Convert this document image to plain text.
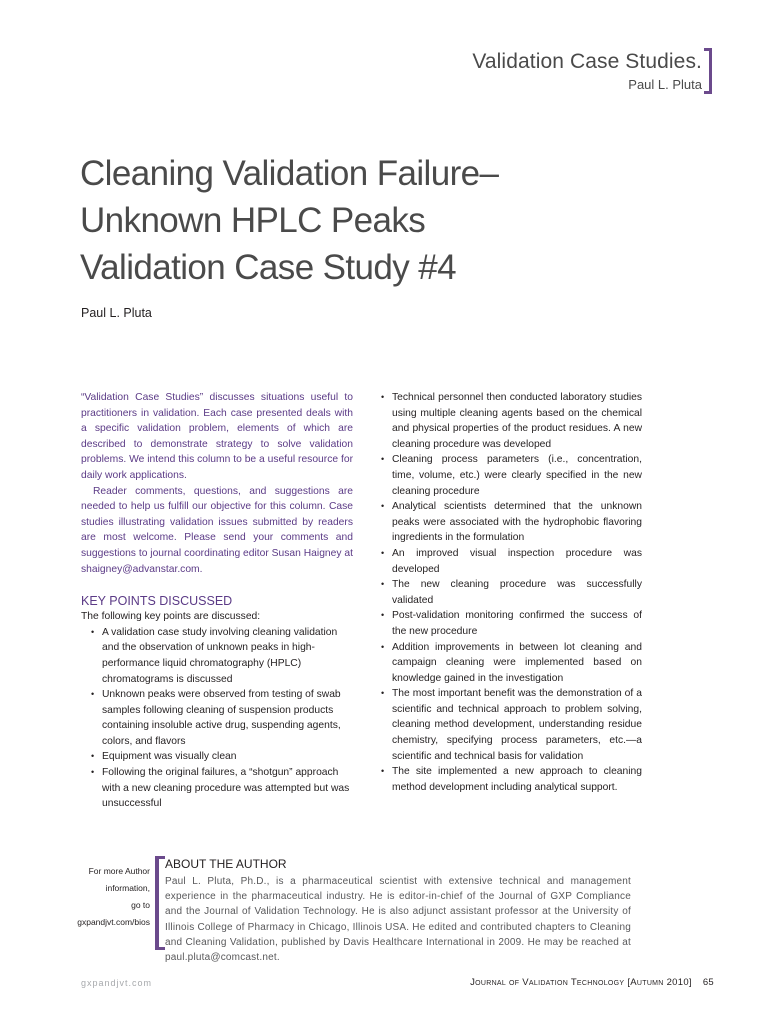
Validation Case Studies.
Paul L. Pluta
Cleaning Validation Failure–
Unknown HPLC Peaks
Validation Case Study #4
Paul L. Pluta

“Validation Case Studies” discusses situations useful to practitioners in validation. Each case presented deals with a specific validation problem, elements of which are described to demonstrate strategy to solve validation problems. We intend this column to be a useful resource for daily work applications.

Reader comments, questions, and suggestions are needed to help us fulfill our objective for this column. Case studies illustrating validation issues submitted by readers are most welcome. Please send your comments and suggestions to journal coordinating editor Susan Haigney at shaigney@advanstar.com.

KEY POINTS DISCUSSED
The following key points are discussed:
• A validation case study involving cleaning validation and the observation of unknown peaks in high-performance liquid chromatography (HPLC) chromatograms is discussed
• Unknown peaks were observed from testing of swab samples following cleaning of suspension products containing insoluble active drug, suspending agents, colors, and flavors
• Equipment was visually clean
• Following the original failures, a “shotgun” approach with a new cleaning procedure was attempted but was unsuccessful
• Technical personnel then conducted laboratory studies using multiple cleaning agents based on the chemical and physical properties of the product residues. A new cleaning procedure was developed
• Cleaning process parameters (i.e., concentration, time, volume, etc.) were clearly specified in the new cleaning procedure
• Analytical scientists determined that the unknown peaks were associated with the hydrophobic flavoring ingredients in the formulation
• An improved visual inspection procedure was developed
• The new cleaning procedure was successfully validated
• Post-validation monitoring confirmed the success of the new procedure
• Addition improvements in between lot cleaning and campaign cleaning were implemented based on knowledge gained in the investigation
• The most important benefit was the demonstration of a scientific and technical approach to problem solving, cleaning method development, understanding residue chemistry, specifying process parameters, etc.—a scientific and technical basis for validation
• The site implemented a new approach to cleaning method development including analytical support.
For more Author
information,
go to
gxpandjvt.com/bios
ABOUT THE AUTHOR
Paul L. Pluta, Ph.D., is a pharmaceutical scientist with extensive technical and management experience in the pharmaceutical industry. He is editor-in-chief of the Journal of GXP Compliance and the Journal of Validation Technology. He is also adjunct assistant professor at the University of Illinois College of Pharmacy in Chicago, Illinois USA. He edited and contributed chapters to Cleaning and Cleaning Validation, published by Davis Healthcare International in 2009. He may be reached at paul.pluta@comcast.net.
gxpandjvt.com	Journal of Validation Technology [Autumn 2010] 65
